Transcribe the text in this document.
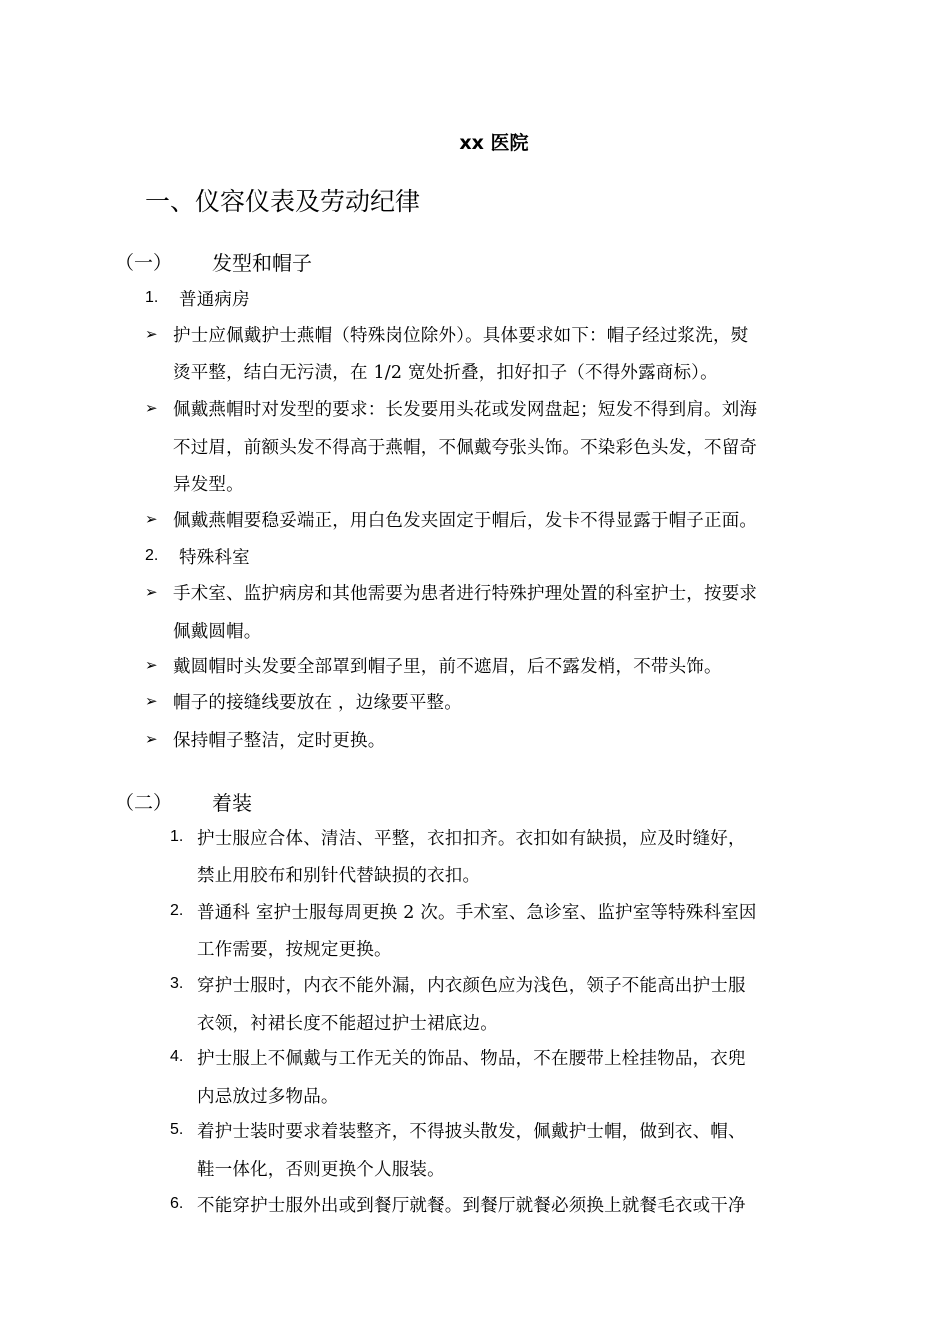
xx 医院
一、仪容仪表及劳动纪律
（一） 发型和帽子
1. 普通病房
➢ 护士应佩戴护士燕帽（特殊岗位除外）。具体要求如下：帽子经过浆洗，熨
烫平整，结白无污渍，在 1/2 宽处折叠，扣好扣子（不得外露商标）。
➢ 佩戴燕帽时对发型的要求：长发要用头花或发网盘起；短发不得到肩。刘海
不过眉，前额头发不得高于燕帽，不佩戴夸张头饰。不染彩色头发，不留奇
异发型。
➢ 佩戴燕帽要稳妥端正，用白色发夹固定于帽后，发卡不得显露于帽子正面。
2. 特殊科室
➢ 手术室、监护病房和其他需要为患者进行特殊护理处置的科室护士，按要求
佩戴圆帽。
➢ 戴圆帽时头发要全部罩到帽子里，前不遮眉，后不露发梢，不带头饰。
➢ 帽子的接缝线要放在 ，边缘要平整。
➢ 保持帽子整洁，定时更换。
（二） 着装
1. 护士服应合体、清洁、平整，衣扣扣齐。衣扣如有缺损，应及时缝好，
禁止用胶布和别针代替缺损的衣扣。
2. 普通科 室护士服每周更换 2 次。手术室、急诊室、监护室等特殊科室因
工作需要，按规定更换。
3. 穿护士服时，内衣不能外漏，内衣颜色应为浅色，领子不能高出护士服
衣领，衬裙长度不能超过护士裙底边。
4. 护士服上不佩戴与工作无关的饰品、物品，不在腰带上栓挂物品，衣兜
内忌放过多物品。
5. 着护士装时要求着装整齐，不得披头散发，佩戴护士帽，做到衣、帽、
鞋一体化，否则更换个人服装。
6. 不能穿护士服外出或到餐厅就餐。到餐厅就餐必须换上就餐毛衣或干净
